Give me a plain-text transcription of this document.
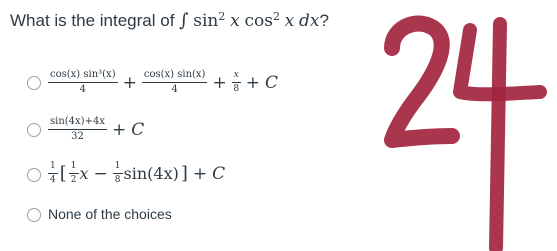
What is the integral of ∫ $\sin^2 x$ $\cos^2 x$ dx?
$\frac{\text{cos(x) sin³(x)}}{4} + \frac{\cos(x) \sin(x)}{4} + \frac{x}{8} + C$
$\frac{\sin(4x)+4x}{32} + C$
$\frac{1}{4}$ [ $\frac{1}{2}$ $x - \frac{1}{8} \sin(4x)$ ] + C
None of the choices
